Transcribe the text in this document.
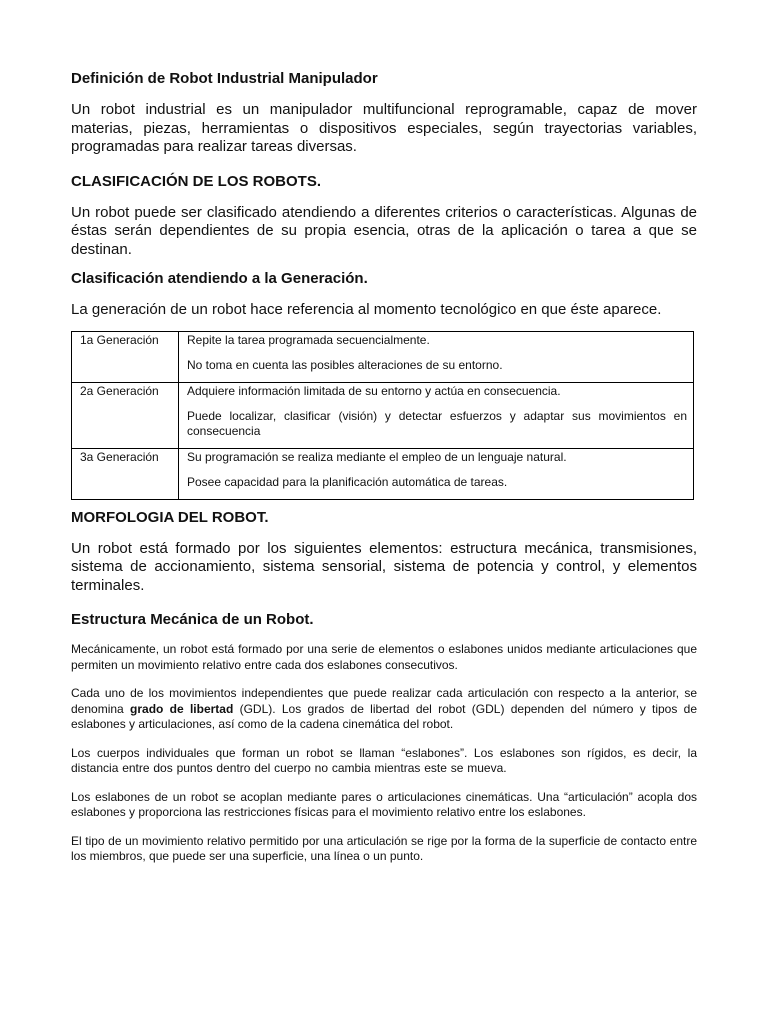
Definición de Robot Industrial Manipulador

Un robot industrial es un manipulador multifuncional reprogramable, capaz de mover materias, piezas, herramientas o dispositivos especiales, según trayectorias variables, programadas para realizar tareas diversas.

CLASIFICACIÓN DE LOS ROBOTS.

Un robot puede ser clasificado atendiendo a diferentes criterios o características. Algunas de éstas serán dependientes de su propia esencia, otras de la aplicación o tarea a que se destinan.

Clasificación atendiendo a la Generación.

La generación de un robot hace referencia al momento tecnológico en que éste aparece.

1a Generación	Repite la tarea programada secuencialmente.

No toma en cuenta las posibles alteraciones de su entorno.

2a Generación	Adquiere información limitada de su entorno y actúa en consecuencia.

Puede localizar, clasificar (visión) y detectar esfuerzos y adaptar sus movimientos en consecuencia

3a Generación	Su programación se realiza mediante el empleo de un lenguaje natural.

Posee capacidad para la planificación automática de tareas.

MORFOLOGIA DEL ROBOT.

Un robot está formado por los siguientes elementos: estructura mecánica, transmisiones, sistema de accionamiento, sistema sensorial, sistema de potencia y control, y elementos terminales.

Estructura Mecánica de un Robot.

Mecánicamente, un robot está formado por una serie de elementos o eslabones unidos mediante articulaciones que permiten un movimiento relativo entre cada dos eslabones consecutivos.

Cada uno de los movimientos independientes que puede realizar cada articulación con respecto a la anterior, se denomina grado de libertad (GDL). Los grados de libertad del robot (GDL) dependen del número y tipos de eslabones y articulaciones, así como de la cadena cinemática del robot.

Los cuerpos individuales que forman un robot se llaman “eslabones”. Los eslabones son rígidos, es decir, la distancia entre dos puntos dentro del cuerpo no cambia mientras este se mueva.

Los eslabones de un robot se acoplan mediante pares o articulaciones cinemáticas. Una “articulación” acopla dos eslabones y proporciona las restricciones físicas para el movimiento relativo entre los eslabones.

El tipo de un movimiento relativo permitido por una articulación se rige por la forma de la superficie de contacto entre los miembros, que puede ser una superficie, una línea o un punto.
